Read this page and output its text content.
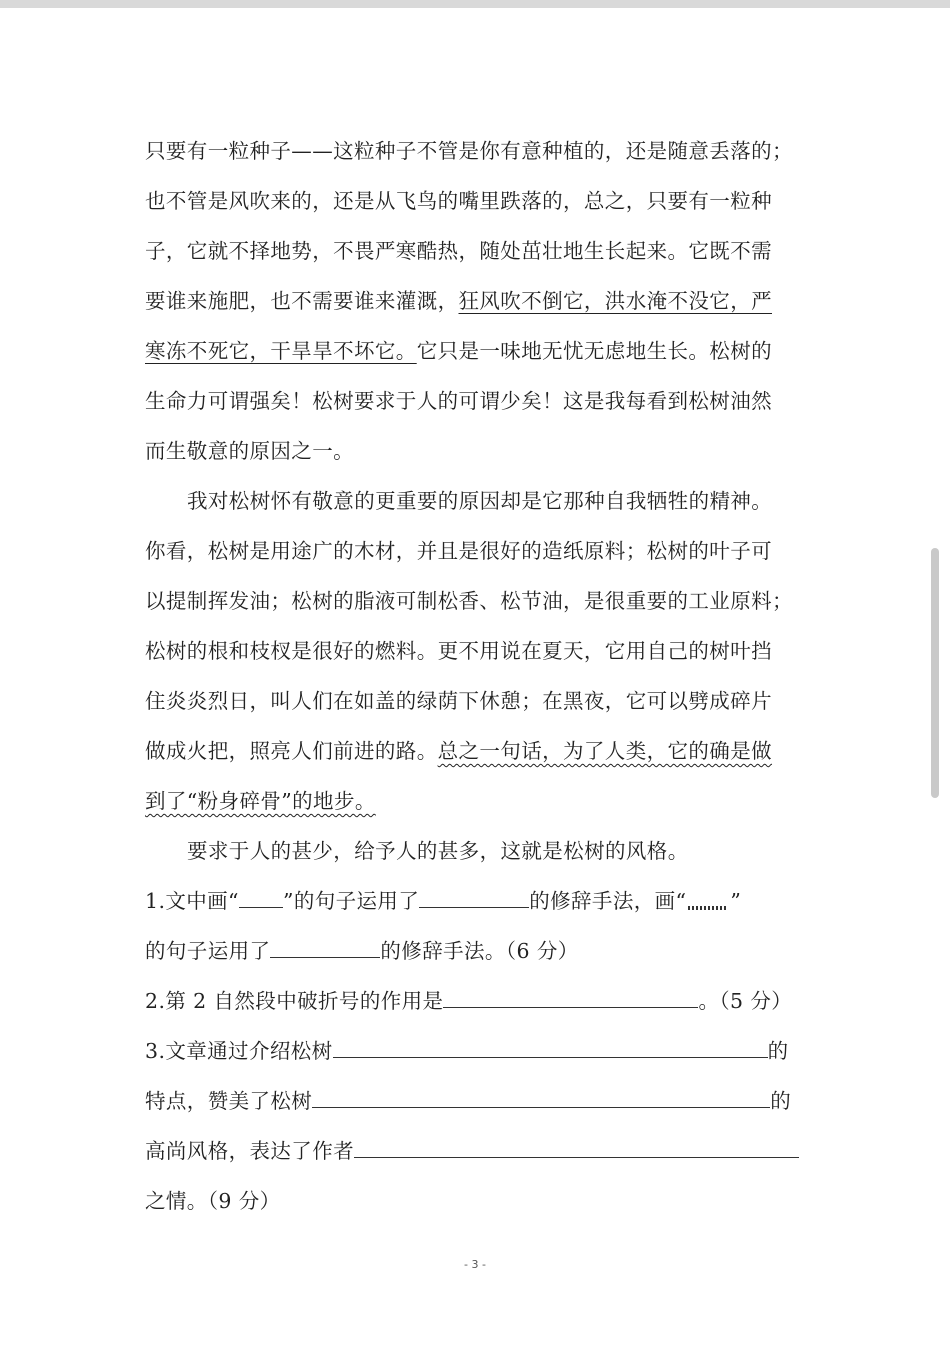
只要有一粒种子——这粒种子不管是你有意种植的，还是随意丢落的；
也不管是风吹来的，还是从飞鸟的嘴里跌落的，总之，只要有一粒种
子，它就不择地势，不畏严寒酷热，随处茁壮地生长起来。它既不需
要谁来施肥，也不需要谁来灌溉，狂风吹不倒它，洪水淹不没它，严
寒冻不死它，干旱旱不坏它。它只是一味地无忧无虑地生长。松树的
生命力可谓强矣！松树要求于人的可谓少矣！这是我每看到松树油然
而生敬意的原因之一。
我对松树怀有敬意的更重要的原因却是它那种自我牺牲的精神。
你看，松树是用途广的木材，并且是很好的造纸原料；松树的叶子可
以提制挥发油；松树的脂液可制松香、松节油，是很重要的工业原料；
松树的根和枝杈是很好的燃料。更不用说在夏天，它用自己的树叶挡
住炎炎烈日，叫人们在如盖的绿荫下休憩；在黑夜，它可以劈成碎片
做成火把，照亮人们前进的路。总之一句话，为了人类，它的确是做
到了“粉身碎骨”的地步。
要求于人的甚少，给予人的甚多，这就是松树的风格。
1.文中画“ ”的句子运用了	的修辞手法，画“ ”
的句子运用了	的修辞手法。（6 分）
2.第 2 自然段中破折号的作用是	。（5 分）
3.文章通过介绍松树	的
特点，赞美了松树	的
高尚风格，表达了作者
之情。（9 分）
- 3 -
